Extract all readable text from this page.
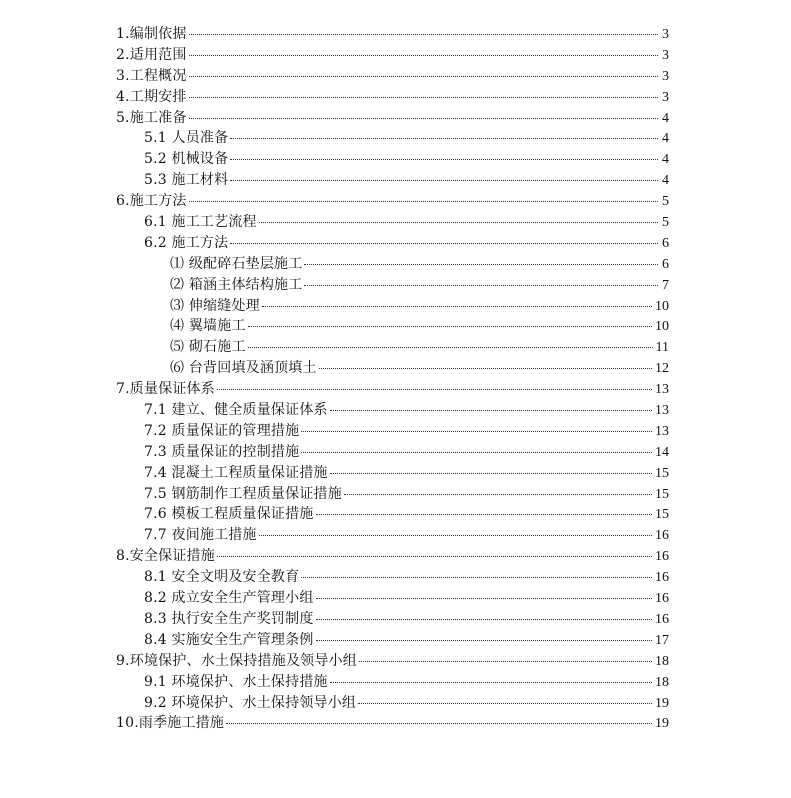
1.编制依据	3
2.适用范围	3
3.工程概况	3
4.工期安排	3
5.施工准备	4
5.1 人员准备	4
5.2 机械设备	4
5.3 施工材料	4
6.施工方法	5
6.1 施工工艺流程	5
6.2 施工方法	6
⑴ 级配碎石垫层施工	6
⑵ 箱涵主体结构施工	7
⑶ 伸缩缝处理	10
⑷ 翼墙施工	10
⑸ 砌石施工	11
⑹ 台背回填及涵顶填土	12
7.质量保证体系	13
7.1 建立、健全质量保证体系	13
7.2 质量保证的管理措施	13
7.3 质量保证的控制措施	14
7.4 混凝土工程质量保证措施	15
7.5 钢筋制作工程质量保证措施	15
7.6 模板工程质量保证措施	15
7.7 夜间施工措施	16
8.安全保证措施	16
8.1 安全文明及安全教育	16
8.2 成立安全生产管理小组	16
8.3 执行安全生产奖罚制度	16
8.4 实施安全生产管理条例	17
9.环境保护、水土保持措施及领导小组	18
9.1 环境保护、水土保持措施	18
9.2 环境保护、水土保持领导小组	19
10.雨季施工措施	19
